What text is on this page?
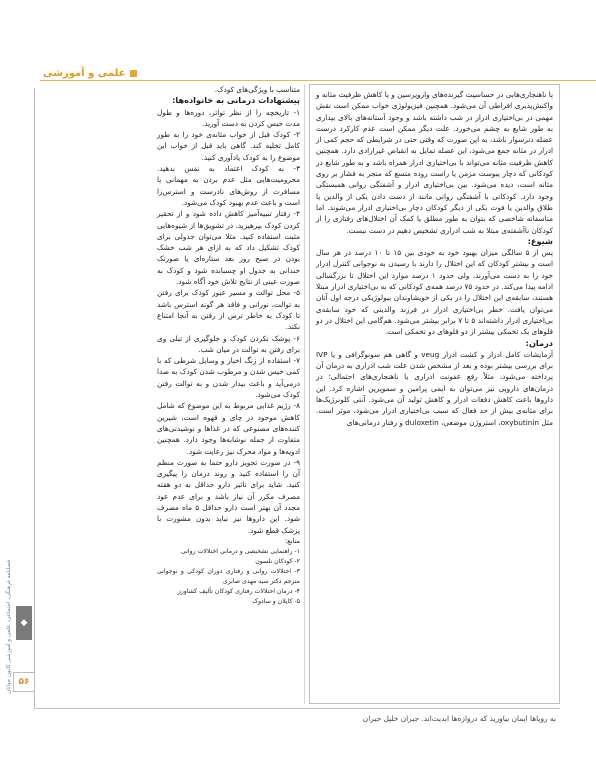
علمی و آموزشی
◆
فصلنامه فرهنگی، اجتماعی، علمی و آموزشی کانون جوانان ۵۶

یا ناهنجاری‌هایی در حساسیت گیرنده‌های وازوپرسین و یا کاهش ظرفیت مثانه و واکنش‌پذیری افراطی آن می‌شود. همچنین فیزیولوژی خواب ممکن است نقش مهمی در بی‌اختیاری ادرار در شب داشته باشد و وجود آستانه‌های بالای بیداری به طور شایع به چشم می‌خورد. علت دیگر ممکن است عدم کارکرد درست عضله دترسوار باشد، به این صورت که وقتی حتی در شرایطی که حجم کمی از ادرار در مثانه جمع می‌شود، این عضله تمایل به انقباض غیرارادی دارد. همچنین کاهش ظرفیت مثانه می‌تواند با بی‌اختیاری ادرار همراه باشد و به طور شایع در کودکانی که دچار یبوست مزمن یا راست روده متسع که منجر به فشار بر روی مثانه است، دیده می‌شود. بین بی‌اختیاری ادرار و آشفتگی روانی همبستگی وجود دارد. کودکانی با آشفتگی روانی مانند از دست دادن یکی از والدین یا طلاق والدین یا فوت یکی از دیگر کودکان دچار بی‌اختیاری ادرار می‌شوند. اما متاسفانه شاخصی که بتوان به طور مطلق یا کمک آن اختلال‌های رفتاری را از کودکان ناآشفته‌ی مبتلا به شب ادراری تشخیص دهیم در دست نیست.

شیوع:

پس از ۵ سالگی میزان بهبود خود به خودی بین ۱۵ تا ۱۰ درصد در هر سال است و بیشتر کودکان که این اختلال را دارند با رسیدن به نوجوانی کنترل ادرار خود را به دست می‌آورند، ولی حدود ۱ درصد موارد این اختلال تا بزرگسالی ادامه پیدا می‌کند. در حدود ۷۵ درصد همه‌ی کودکانی که به بی‌اختیاری ادرار مبتلا هستند، سابقه‌ی این اختلال را در یکی از خویشاوندان بیولوژیکی درجه اول آنان می‌توان یافت. خطر بی‌اختیاری ادرار در فرزند والدینی که خود سابقه‌ی بی‌اختیاری ادرار داشته‌اند ۵ تا ۷ برابر بیشتر می‌شود. هم‌گامی این اختلال در دو قلوهای یک تخمکی بیشتر از دو قلوهای دو تخمکی است.

درمان:

آزمایشات کامل ادرار و کشت ادرار veug و گاهی هم سونوگرافی و یا IVP برای بررسی بیشتر بوده و بعد از مشخص شدن علت شب ادراری به درمان آن پرداخته می‌شود، مثلاً رفع عفونت ادراری یا ناهنجاری‌های احتمالی؛ در درمان‌های دارویی نیز می‌توان به ایمی پرامین و سموپرین اشاره کرد. این داروها باعث کاهش دفعات ادرار و کاهش تولید آن می‌شود. آنتی کلونرژیک‌ها برای مثانه‌ی بیش از حد فعال که سبب بی‌اختیاری ادرار می‌شود، موثر است. مثل oxybutinin، استروژن موضعی، duloxetin و رفتار درمانی‌های

متناسب با ویژگی‌های کودک.

پیشنهادات درمانی به خانواده‌ها:

۱- تاریخچه را از نظر تواتر، دوره‌ها و طول مدت حبس کردن به دست آورید.

۲- کودک قبل از خواب مثانه‌ی خود را به طور کامل تخلیه کند. گاهی باید قبل از خواب این موضوع را به کودک یادآوری کنید.

۳- به کودک اعتماد به نفس بدهید. محرومیت‌هایی مثل عدم بردن به مهمانی یا مسافرت از روش‌های نادرست و استرس‌زا است و باعث عدم بهبود کودک می‌شود.

۴- رفتار تنبیه‌آمیز کاهش داده شود و از تحقیر کردن کودک بپرهیزید. در تشویق‌ها از شیوه‌هایی مثبت استفاده کنید. مثلا می‌توان جدولی برای کودک تشکیل داد که به ازای هر شب خشک بودن در صبح روز بعد ستاره‌ای یا صورتک خندانی به جدول او چسبانده شود و کودک به صورت عینی از نتایج تلاش خود آگاه شود.

۵- محل توالت و مسیر عبور کودک برای رفتن به توالت، نورانی و فاقد هر گونه استرس باشد تا کودک به خاطر ترس از رفتن به آنجا امتناع نکند.

۶- پوشک نکردن کودک و جلوگیری از تبلی وی برای رفتن به توالت در میان شب.

۷- استفاده از زنگ اخبار و وسایل شرطی که با کمی خیس شدن و مرطوب شدن کودک به صدا درمی‌آید و باعث بیدار شدن و به توالت رفتن کودک می‌شود.

۸- رژیم غذایی مربوط به این موضوع که شامل کاهش موجود در چای و قهوه است، شیرین کننده‌های مصنوعی که در غذاها و نوشیدنی‌های متفاوت از جمله نوشابه‌ها وجود دارد. همچنین ادویه‌ها و مواد محرک نیز رعایت شود.

۹- در صورت تجویز دارو حتما به صورت منظم آن را استفاده کنید و روند درمان را پیگیری کنید. شاید برای تاثیر دارو حداقل به دو هفته مصرف مکرر آن نیاز باشد و برای عدم عود مجدد آن بهتر است دارو حداقل ۵ ماه مصرف شود. این داروها نیز نباید بدون مشورت با پزشک قطع شود.

منابع:

۱- راهنمایی تشخیصی و درمانی اختلالات روانی

۲- کودکان نلسون

۳- اختلالات روانی و رفتاری دوران کودکی و نوجوانی مترجم دکتر سید مهدی صابری

۴- درمان اختلالات رفتاری کودکان تألیف کشاورز

۵- کاپلان و سادوک

به رویاها ایمان بیاورید که دروازه‌ها ابدیت‌اند. جبران خلیل جبران
